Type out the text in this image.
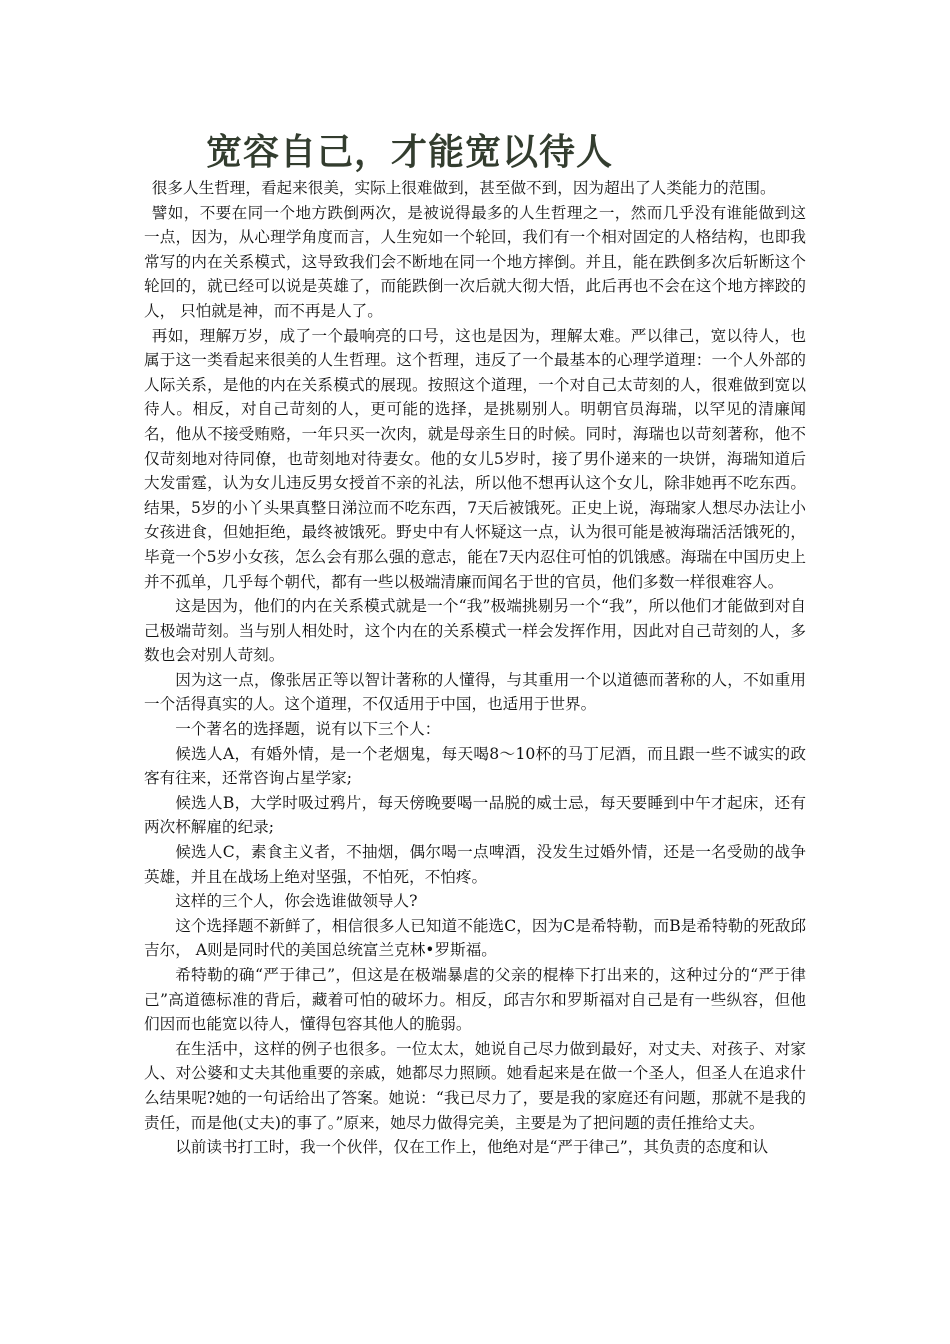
宽容自己，才能宽以待人

很多人生哲理，看起来很美，实际上很难做到，甚至做不到，因为超出了人类能力的范围。

譬如，不要在同一个地方跌倒两次，是被说得最多的人生哲理之一，然而几乎没有谁能做到这一点，因为，从心理学角度而言，人生宛如一个轮回，我们有一个相对固定的人格结构，也即我常写的内在关系模式，这导致我们会不断地在同一个地方摔倒。并且，能在跌倒多次后斩断这个轮回的，就已经可以说是英雄了，而能跌倒一次后就大彻大悟，此后再也不会在这个地方摔跤的人， 只怕就是神，而不再是人了。

再如，理解万岁，成了一个最响亮的口号，这也是因为，理解太难。严以律己，宽以待人，也属于这一类看起来很美的人生哲理。这个哲理，违反了一个最基本的心理学道理：一个人外部的人际关系，是他的内在关系模式的展现。按照这个道理，一个对自己太苛刻的人，很难做到宽以待人。相反，对自己苛刻的人，更可能的选择，是挑剔别人。明朝官员海瑞，以罕见的清廉闻名，他从不接受贿赂，一年只买一次肉，就是母亲生日的时候。同时，海瑞也以苛刻著称，他不仅苛刻地对待同僚，也苛刻地对待妻女。他的女儿5岁时，接了男仆递来的一块饼，海瑞知道后大发雷霆，认为女儿违反男女授首不亲的礼法，所以他不想再认这个女儿，除非她再不吃东西。结果，5岁的小丫头果真整日涕泣而不吃东西，7天后被饿死。正史上说，海瑞家人想尽办法让小女孩进食，但她拒绝，最终被饿死。野史中有人怀疑这一点，认为很可能是被海瑞活活饿死的，毕竟一个5岁小女孩，怎么会有那么强的意志，能在7天内忍住可怕的饥饿感。海瑞在中国历史上并不孤单，几乎每个朝代，都有一些以极端清廉而闻名于世的官员，他们多数一样很难容人。

这是因为，他们的内在关系模式就是一个“我”极端挑剔另一个“我”，所以他们才能做到对自己极端苛刻。当与别人相处时，这个内在的关系模式一样会发挥作用，因此对自己苛刻的人，多数也会对别人苛刻。

因为这一点，像张居正等以智计著称的人懂得，与其重用一个以道德而著称的人，不如重用一个活得真实的人。这个道理，不仅适用于中国，也适用于世界。

一个著名的选择题，说有以下三个人：

候选人A，有婚外情，是一个老烟鬼，每天喝8～10杯的马丁尼酒，而且跟一些不诚实的政客有往来，还常咨询占星学家;

候选人B，大学时吸过鸦片，每天傍晚要喝一品脱的威士忌，每天要睡到中午才起床，还有两次杯解雇的纪录;

候选人C，素食主义者，不抽烟，偶尔喝一点啤酒，没发生过婚外情，还是一名受勋的战争英雄，并且在战场上绝对坚强，不怕死，不怕疼。

这样的三个人，你会选谁做领导人?

这个选择题不新鲜了，相信很多人已知道不能选C，因为C是希特勒，而B是希特勒的死敌邱吉尔， A则是同时代的美国总统富兰克林•罗斯福。

希特勒的确“严于律己”，但这是在极端暴虐的父亲的棍棒下打出来的，这种过分的“严于律己”高道德标准的背后，藏着可怕的破坏力。相反，邱吉尔和罗斯福对自己是有一些纵容，但他们因而也能宽以待人，懂得包容其他人的脆弱。

在生活中，这样的例子也很多。一位太太，她说自己尽力做到最好，对丈夫、对孩子、对家人、对公婆和丈夫其他重要的亲戚，她都尽力照顾。她看起来是在做一个圣人，但圣人在追求什么结果呢?她的一句话给出了答案。她说：“我已尽力了，要是我的家庭还有问题，那就不是我的责任，而是他(丈夫)的事了。”原来，她尽力做得完美，主要是为了把问题的责任推给丈夫。

以前读书打工时，我一个伙伴，仅在工作上，他绝对是“严于律己”，其负责的态度和认
